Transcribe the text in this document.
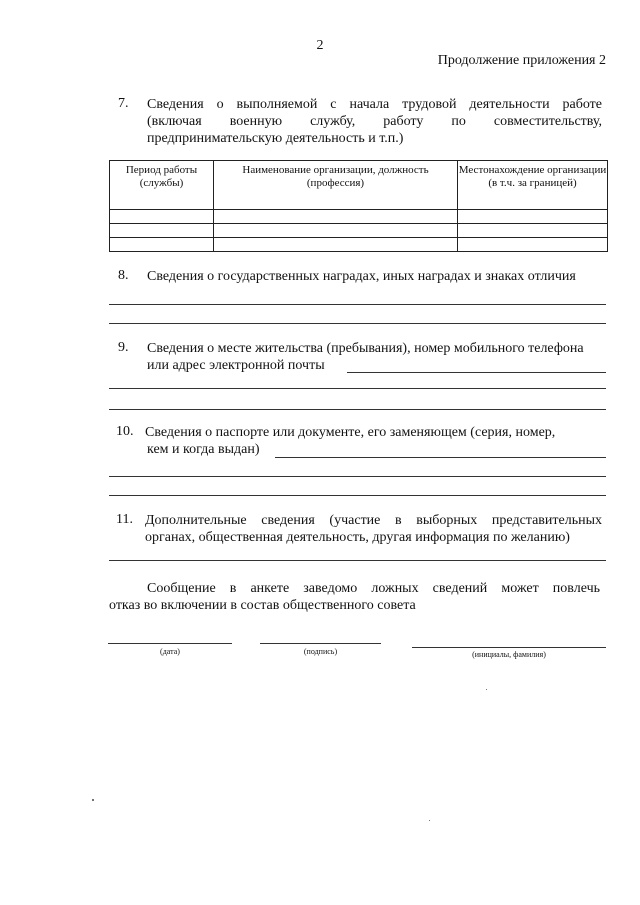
2
Продолжение приложения 2
7. Сведения о выполняемой с начала трудовой деятельности работе
(включая военную службу, работу по совместительству,
предпринимательскую деятельность и т.п.)
Период работы (службы)	Наименование организации, должность (профессия)	Местонахождение организации (в т.ч. за границей)

8. Сведения о государственных наградах, иных наградах и знаках отличия
9. Сведения о месте жительства (пребывания), номер мобильного телефона
или адрес электронной почты
10. Сведения о паспорте или документе, его заменяющем (серия, номер,
кем и когда выдан)
11. Дополнительные сведения (участие в выборных представительных
органах, общественная деятельность, другая информация по желанию)
Сообщение в анкете заведомо ложных сведений может повлечь
отказ во включении в состав общественного совета
(дата)	(подпись)	(инициалы, фамилия)
